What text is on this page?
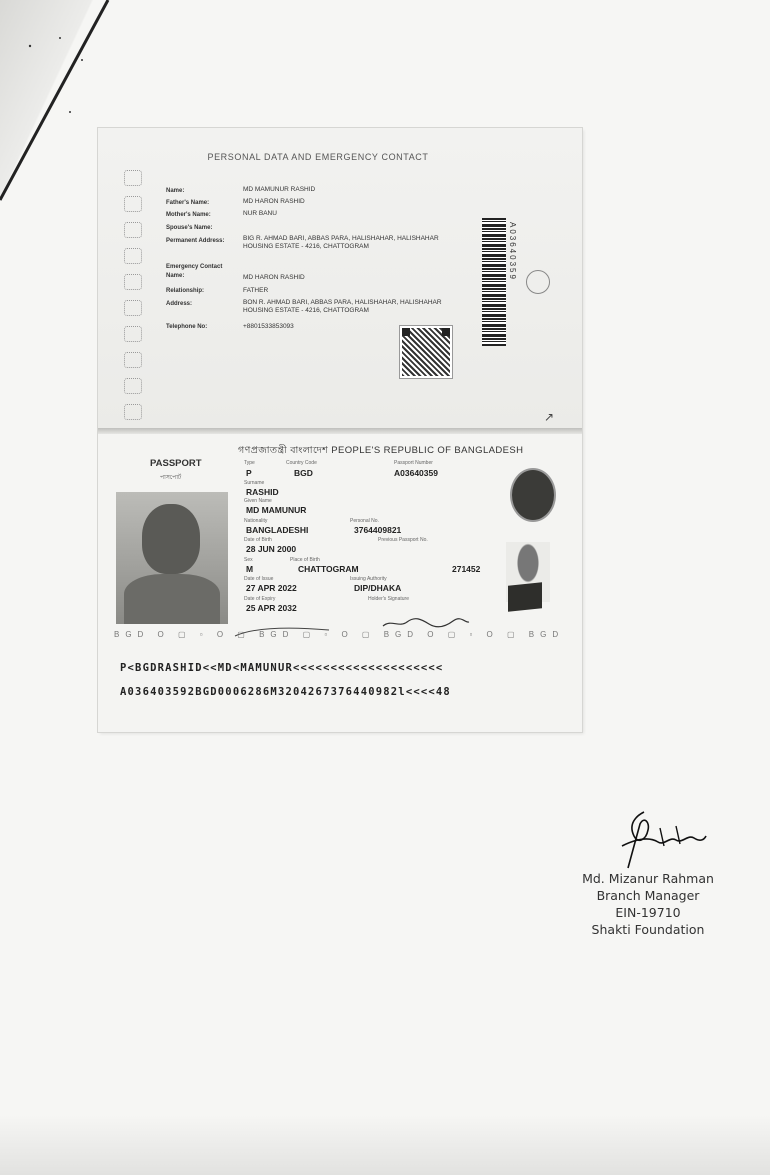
PERSONAL DATA AND EMERGENCY CONTACT
Name:	MD MAMUNUR RASHID
Father's Name:	MD HARON RASHID
Mother's Name:	NUR BANU
Spouse's Name:
Permanent Address:	BIG R. AHMAD BARI, ABBAS PARA, HALISHAHAR, HALISHAHAR HOUSING ESTATE - 4216, CHATTOGRAM
Emergency Contact
Name:	MD HARON RASHID
Relationship:	FATHER
Address:	BON R. AHMAD BARI, ABBAS PARA, HALISHAHAR, HALISHAHAR HOUSING ESTATE - 4216, CHATTOGRAM
Telephone No:	+8801533853093
A03640359
↗
গণপ্রজাতন্ত্রী বাংলাদেশ PEOPLE'S REPUBLIC OF BANGLADESH
PASSPORT
পাসপোর্ট
Type	Country Code	Passport Number
P	BGD	A03640359
Surname
RASHID
Given Name
MD MAMUNUR
Nationality	Personal No.
BANGLADESHI	3764409821
Date of Birth	Previous Passport No.
28 JUN 2000
Sex	Place of Birth
M	CHATTOGRAM	271452
Date of Issue	Issuing Authority
27 APR 2022	DIP/DHAKA
Date of Expiry	Holder's Signature
25 APR 2032
BGD O ▢ ▫ O ▢ BGD ▢ ▫ O ▢ BGD O ▢ ▫ O ▢ BGD
P<BGDRASHID<<MD<MAMUNUR<<<<<<<<<<<<<<<<<<<<
A036403592BGD0006286M3204267376440982l<<<<48
Md. Mizanur Rahman
Branch Manager
EIN-19710
Shakti Foundation
